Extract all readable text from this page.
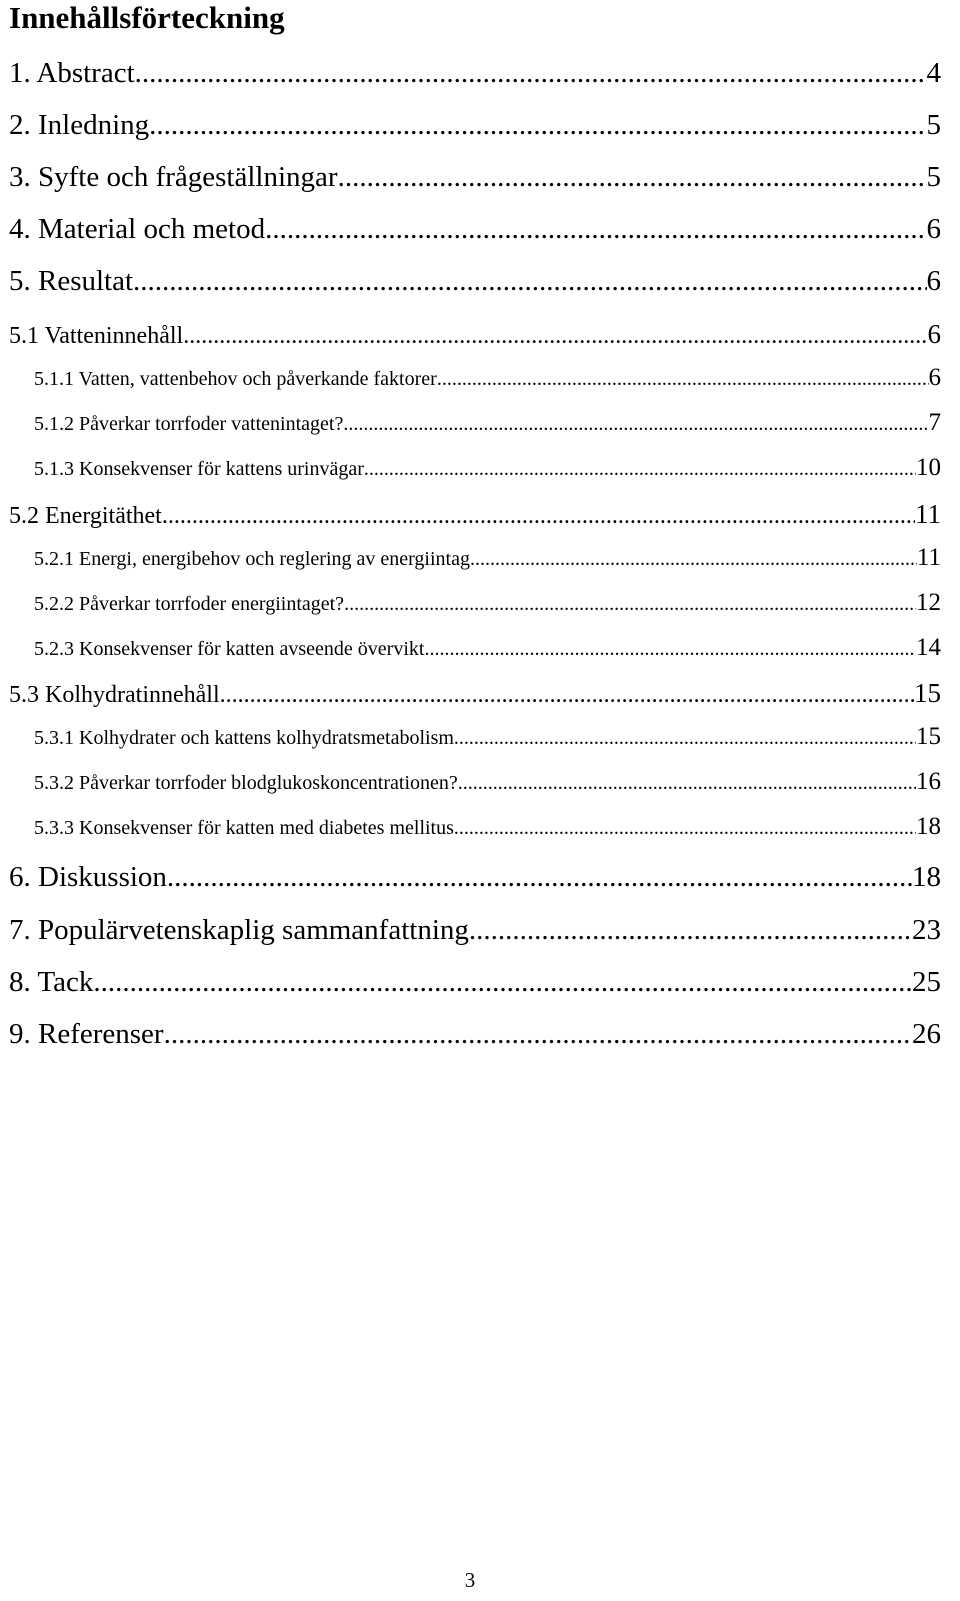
Innehållsförteckning
1. Abstract .....	4
2. Inledning .....	5
3. Syfte och frågeställningar .....	5
4. Material och metod .....	6
5. Resultat .....	6
5.1 Vatteninnehåll .....	6
5.1.1 Vatten, vattenbehov och påverkande faktorer .....	6
5.1.2 Påverkar torrfoder vattenintaget? .....	7
5.1.3 Konsekvenser för kattens urinvägar .....	10
5.2 Energitäthet .....	11
5.2.1 Energi, energibehov och reglering av energiintag .....	11
5.2.2 Påverkar torrfoder energiintaget? .....	12
5.2.3 Konsekvenser för katten avseende övervikt .....	14
5.3 Kolhydratinnehåll .....	15
5.3.1 Kolhydrater och kattens kolhydratsmetabolism .....	15
5.3.2 Påverkar torrfoder blodglukoskoncentrationen? .....	16
5.3.3 Konsekvenser för katten med diabetes mellitus .....	18
6. Diskussion .....	18
7. Populärvetenskaplig sammanfattning .....	23
8. Tack .....	25
9. Referenser .....	26
3
